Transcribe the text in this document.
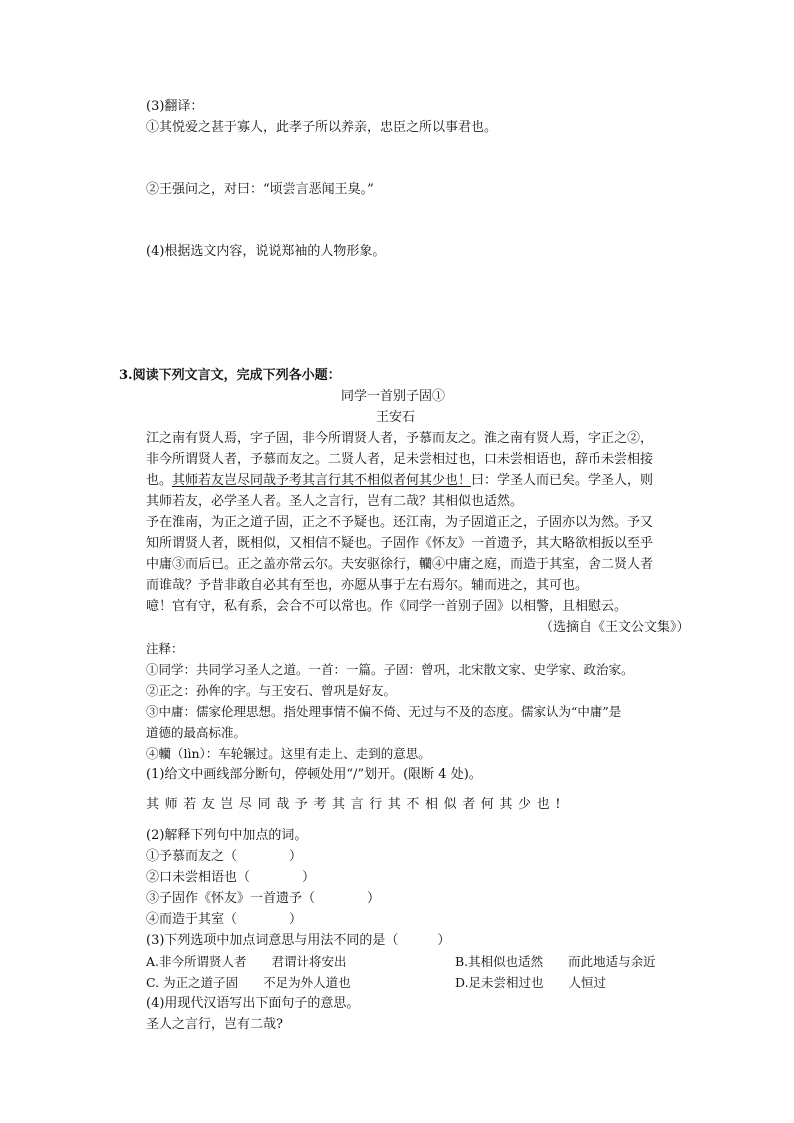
(3)翻译：
①其悦爱之甚于寡人，此孝子所以养亲，忠臣之所以事君也。
②王强问之，对曰：“顷尝言恶闻王臭。”
(4)根据选文内容，说说郑袖的人物形象。
3.阅读下列文言文，完成下列各小题：
同学一首别子固①
王安石
江之南有贤人焉，字子固，非今所谓贤人者，予慕而友之。淮之南有贤人焉，字正之②，
非今所谓贤人者，予慕而友之。二贤人者，足未尝相过也，口未尝相语也，辞币未尝相接
也。其师若友岂尽同哉予考其言行其不相似者何其少也！曰：学圣人而已矣。学圣人，则
其师若友，必学圣人者。圣人之言行，岂有二哉？其相似也适然。
予在淮南，为正之道子固，正之不予疑也。还江南，为子固道正之，子固亦以为然。予又
知所谓贤人者，既相似，又相信不疑也。子固作《怀友》一首遗予，其大略欲相扳以至乎
中庸③而后已。正之盖亦常云尔。夫安驱徐行，轥④中庸之庭，而造于其室，舍二贤人者
而谁哉？予昔非敢自必其有至也，亦愿从事于左右焉尔。辅而进之，其可也。
噫！官有守，私有系，会合不可以常也。作《同学一首别子固》以相警，且相慰云。
（选摘自《王文公文集》）
注释：
①同学：共同学习圣人之道。一首：一篇。子固：曾巩，北宋散文家、史学家、政治家。
②正之：孙侔的字。与王安石、曾巩是好友。
③中庸：儒家伦理思想。指处理事情不偏不倚、无过与不及的态度。儒家认为“中庸”是
道德的最高标准。
④轥（lìn）：车轮辗过。这里有走上、走到的意思。
(1)给文中画线部分断句，停顿处用“/”划开。(限断 4 处)。
其师若友岂尽同哉予考其言行其不相似者何其少也!
(2)解释下列句中加点的词。
①予慕而友之（　　　　）
②口未尝相语也（　　　　）
③子固作《怀友》一首遗予（　　　　）
④而造于其室（　　　　）
(3)下列选项中加点词意思与用法不同的是（　　　）
A.非今所谓贤人者　　君谓计将安出	B.其相似也适然　　而此地适与余近
C. 为正之道子固　　不足为外人道也	D.足未尝相过也　　人恒过
(4)用现代汉语写出下面句子的意思。
圣人之言行，岂有二哉?
